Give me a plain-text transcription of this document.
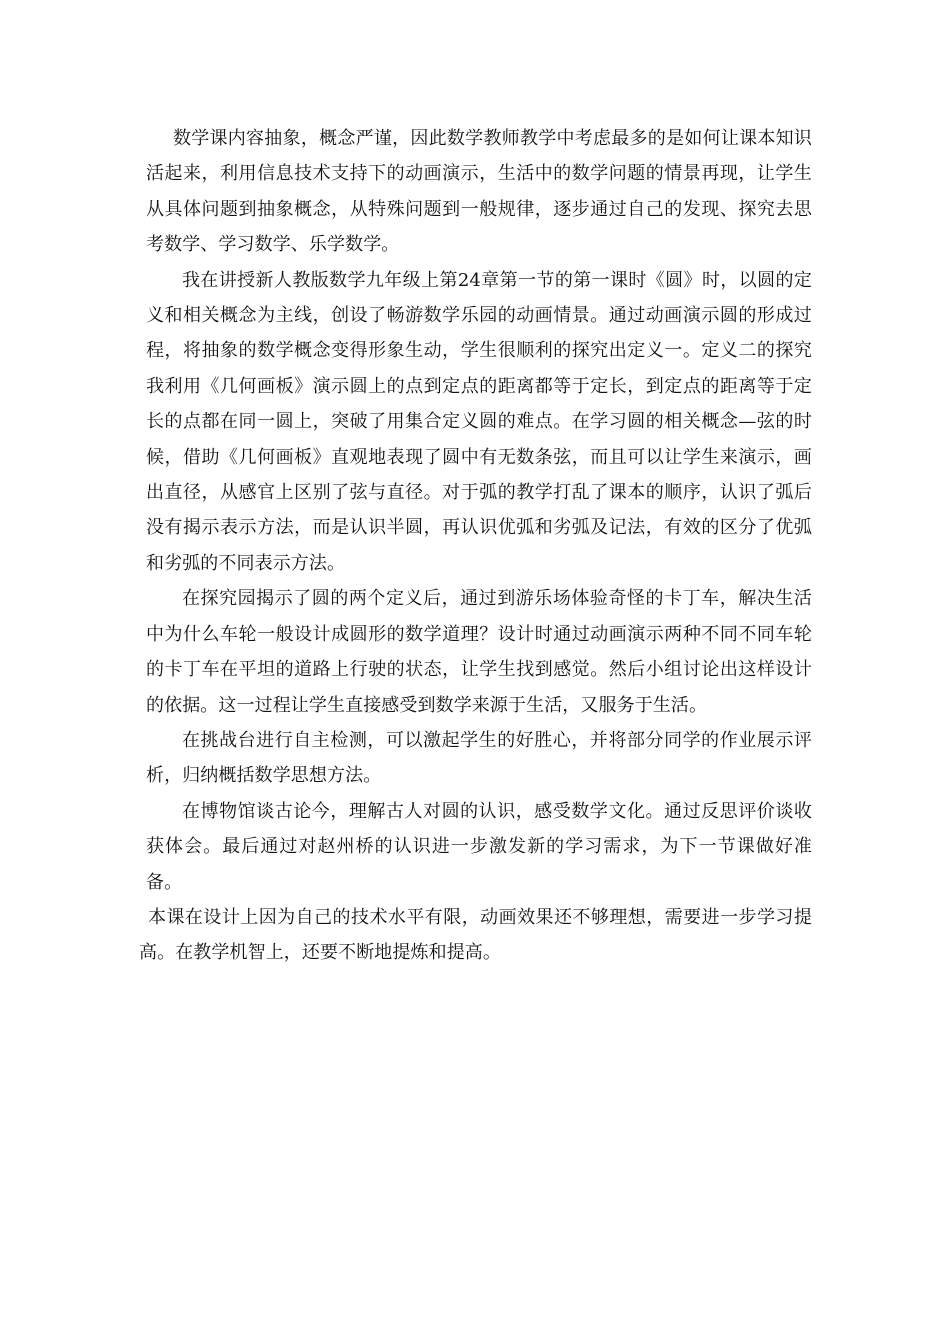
数学课内容抽象，概念严谨，因此数学教师教学中考虑最多的是如何让课本知识活起来，利用信息技术支持下的动画演示，生活中的数学问题的情景再现，让学生从具体问题到抽象概念，从特殊问题到一般规律，逐步通过自己的发现、探究去思考数学、学习数学、乐学数学。

我在讲授新人教版数学九年级上第24章第一节的第一课时《圆》时，以圆的定义和相关概念为主线，创设了畅游数学乐园的动画情景。通过动画演示圆的形成过程，将抽象的数学概念变得形象生动，学生很顺利的探究出定义一。定义二的探究我利用《几何画板》演示圆上的点到定点的距离都等于定长，到定点的距离等于定长的点都在同一圆上，突破了用集合定义圆的难点。在学习圆的相关概念—弦的时候，借助《几何画板》直观地表现了圆中有无数条弦，而且可以让学生来演示，画出直径，从感官上区别了弦与直径。对于弧的教学打乱了课本的顺序，认识了弧后没有揭示表示方法，而是认识半圆，再认识优弧和劣弧及记法，有效的区分了优弧和劣弧的不同表示方法。

在探究园揭示了圆的两个定义后，通过到游乐场体验奇怪的卡丁车，解决生活中为什么车轮一般设计成圆形的数学道理？设计时通过动画演示两种不同不同车轮的卡丁车在平坦的道路上行驶的状态，让学生找到感觉。然后小组讨论出这样设计的依据。这一过程让学生直接感受到数学来源于生活，又服务于生活。

在挑战台进行自主检测，可以激起学生的好胜心，并将部分同学的作业展示评析，归纳概括数学思想方法。

在博物馆谈古论今，理解古人对圆的认识，感受数学文化。通过反思评价谈收获体会。最后通过对赵州桥的认识进一步激发新的学习需求，为下一节课做好准备。

本课在设计上因为自己的技术水平有限，动画效果还不够理想，需要进一步学习提高。在教学机智上，还要不断地提炼和提高。
